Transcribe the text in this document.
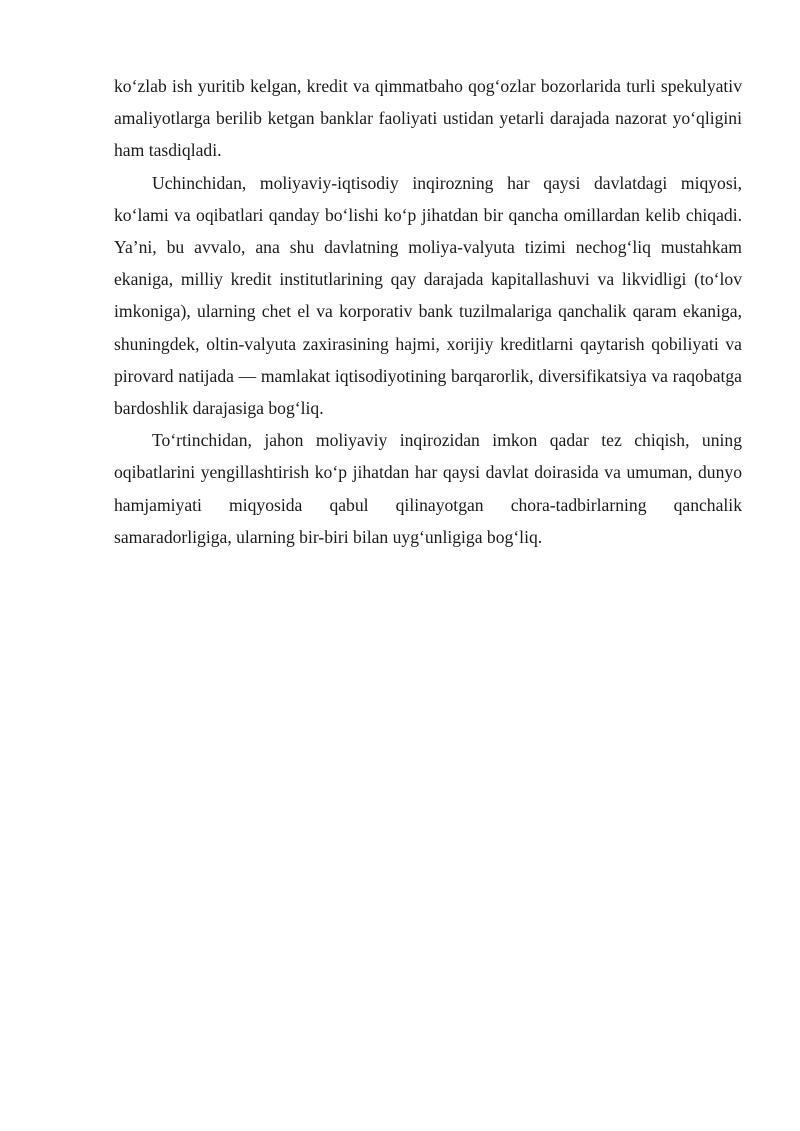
ko‘zlab ish yuritib kelgan, kredit va qimmatbaho qog‘ozlar bozorlarida turli spekulyativ amaliyotlarga berilib ketgan banklar faoliyati ustidan yetarli darajada nazorat yo‘qligini ham tasdiqladi.

Uchinchidan, moliyaviy-iqtisodiy inqirozning har qaysi davlatdagi miqyosi, ko‘lami va oqibatlari qanday bo‘lishi ko‘p jihatdan bir qancha omillardan kelib chiqadi. Ya’ni, bu avvalo, ana shu davlatning moliya-valyuta tizimi nechog‘liq mustahkam ekaniga, milliy kredit institutlarining qay darajada kapitallashuvi va likvidligi (to‘lov imkoniga), ularning chet el va korporativ bank tuzilmalariga qanchalik qaram ekaniga, shuningdek, oltin-valyuta zaxirasining hajmi, xorijiy kreditlarni qaytarish qobiliyati va pirovard natijada — mamlakat iqtisodiyotining barqarorlik, diversifikatsiya va raqobatga bardoshlik darajasiga bog‘liq.

To‘rtinchidan, jahon moliyaviy inqirozidan imkon qadar tez chiqish, uning oqibatlarini yengillashtirish ko‘p jihatdan har qaysi davlat doirasida va umuman, dunyo hamjamiyati miqyosida qabul qilinayotgan chora-tadbirlarning qanchalik samaradorligiga, ularning bir-biri bilan uyg‘unligiga bog‘liq.
